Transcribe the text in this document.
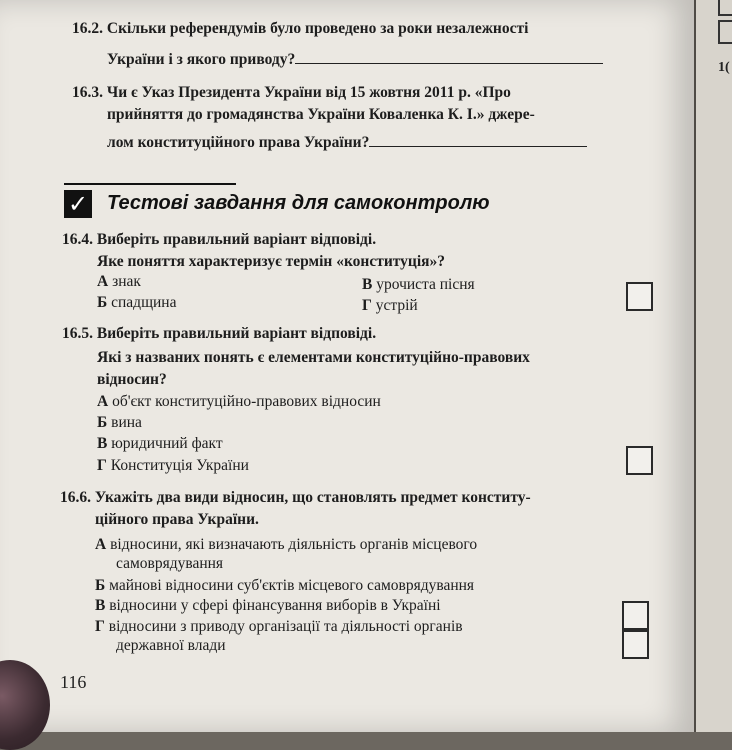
16.2. Скільки референдумів було проведено за роки незалежності
України і з якого приводу?
16.3. Чи є Указ Президента України від 15 жовтня 2011 р. «Про
прийняття до громадянства України Коваленка К. І.» джере-
лом конституційного права України?
✓ Тестові завдання для самоконтролю
16.4. Виберіть правильний варіант відповіді.
Яке поняття характеризує термін «конституція»?
А знак
Б спадщина
В урочиста пісня
Г устрій
16.5. Виберіть правильний варіант відповіді.
Які з названих понять є елементами конституційно-правових
відносин?
А об'єкт конституційно-правових відносин
Б вина
В юридичний факт
Г Конституція України
16.6. Укажіть два види відносин, що становлять предмет конститу-
ційного права України.
А відносини, які визначають діяльність органів місцевого
самоврядування
Б майнові відносини суб'єктів місцевого самоврядування
В відносини у сфері фінансування виборів в Україні
Г відносини з приводу організації та діяльності органів
державної влади
116
1(
